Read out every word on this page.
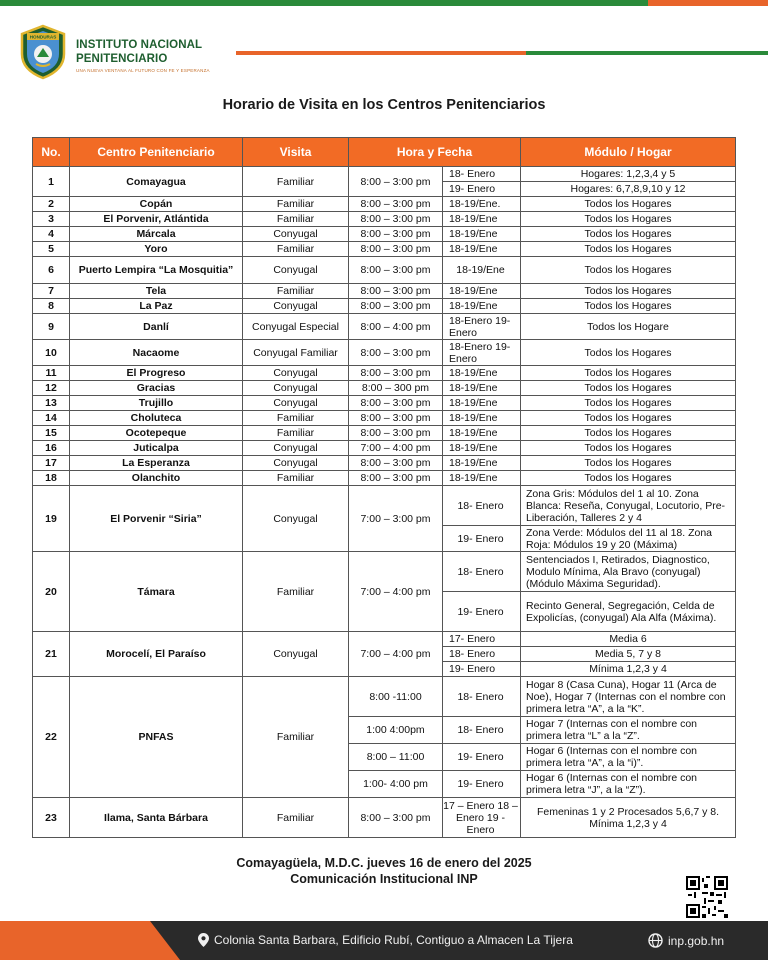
HONDURAS
INSTITUTO NACIONAL
PENITENCIARIO
UNA NUEVA VENTANA AL FUTURO CON FE Y ESPERANZA
Horario de Visita en los Centros Penitenciarios
No.	Centro Penitenciario	Visita	Hora y Fecha		Módulo / Hogar
1	Comayagua	Familiar	8:00 – 3:00 pm	18- Enero	Hogares: 1,2,3,4 y 5
				19- Enero	Hogares: 6,7,8,9,10 y 12
2	Copán	Familiar	8:00 – 3:00 pm	18-19/Ene.	Todos los Hogares
3	El Porvenir, Atlántida	Familiar	8:00 – 3:00 pm	18-19/Ene	Todos los Hogares
4	Márcala	Conyugal	8:00 – 3:00 pm	18-19/Ene	Todos los Hogares
5	Yoro	Familiar	8:00 – 3:00 pm	18-19/Ene	Todos los Hogares
6	Puerto Lempira “La Mosquitia”	Conyugal	8:00 – 3:00 pm	18-19/Ene	Todos los Hogares
7	Tela	Familiar	8:00 – 3:00 pm	18-19/Ene	Todos los Hogares
8	La Paz	Conyugal	8:00 – 3:00 pm	18-19/Ene	Todos los Hogares
9	Danlí	Conyugal Especial	8:00 – 4:00 pm	18-Enero 19- Enero	Todos los Hogare
10	Nacaome	Conyugal Familiar	8:00 – 3:00 pm	18-Enero 19- Enero	Todos los Hogares
11	El Progreso	Conyugal	8:00 – 3:00 pm	18-19/Ene	Todos los Hogares
12	Gracias	Conyugal	8:00 – 300 pm	18-19/Ene	Todos los Hogares
13	Trujillo	Conyugal	8:00 – 3:00 pm	18-19/Ene	Todos los Hogares
14	Choluteca	Familiar	8:00 – 3:00 pm	18-19/Ene	Todos los Hogares
15	Ocotepeque	Familiar	8:00 – 3:00 pm	18-19/Ene	Todos los Hogares
16	Juticalpa	Conyugal	7:00 – 4:00 pm	18-19/Ene	Todos los Hogares
17	La Esperanza	Conyugal	8:00 – 3:00 pm	18-19/Ene	Todos los Hogares
18	Olanchito	Familiar	8:00 – 3:00 pm	18-19/Ene	Todos los Hogares
19	El Porvenir “Siria”	Conyugal	7:00 – 3:00 pm	18- Enero	Zona Gris: Módulos del 1 al 10. Zona Blanca: Reseña, Conyugal, Locutorio, Pre-Liberación, Talleres 2 y 4
				19- Enero	Zona Verde: Módulos del 11 al 18. Zona Roja: Módulos 19 y 20 (Máxima)
20	Támara	Familiar	7:00 – 4:00 pm	18- Enero	Sentenciados I, Retirados, Diagnostico, Modulo Mínima, Ala Bravo (conyugal) (Módulo Máxima Seguridad).
				19- Enero	Recinto General, Segregación, Celda de Expolicías, (conyugal) Ala Alfa (Máxima).
21	Morocelí, El Paraíso	Conyugal	7:00 – 4:00 pm	17- Enero	Media 6
				18- Enero	Media 5, 7 y 8
				19- Enero	Mínima 1,2,3 y 4
22	PNFAS	Familiar	8:00 -11:00	18- Enero	Hogar 8 (Casa Cuna), Hogar 11 (Arca de Noe), Hogar 7 (Internas con el nombre con primera letra “A”, a la “K”.
			1:00 4:00pm	18- Enero	Hogar 7 (Internas con el nombre con primera letra “L” a la “Z”.
			8:00 – 11:00	19- Enero	Hogar 6 (Internas con el nombre con primera letra “A”, a la “i)”.
			1:00- 4:00 pm	19- Enero	Hogar 6 (Internas con el nombre con primera letra “J”, a la “Z”).
23	Ilama, Santa Bárbara	Familiar	8:00 – 3:00 pm	17 – Enero 18 – Enero 19 - Enero	Femeninas 1 y 2 Procesados 5,6,7 y 8. Mínima 1,2,3 y 4
Comayagüela, M.D.C. jueves 16 de enero del 2025
Comunicación Institucional INP
Colonia Santa Barbara, Edificio Rubí, Contiguo a Almacen La Tijera	inp.gob.hn
